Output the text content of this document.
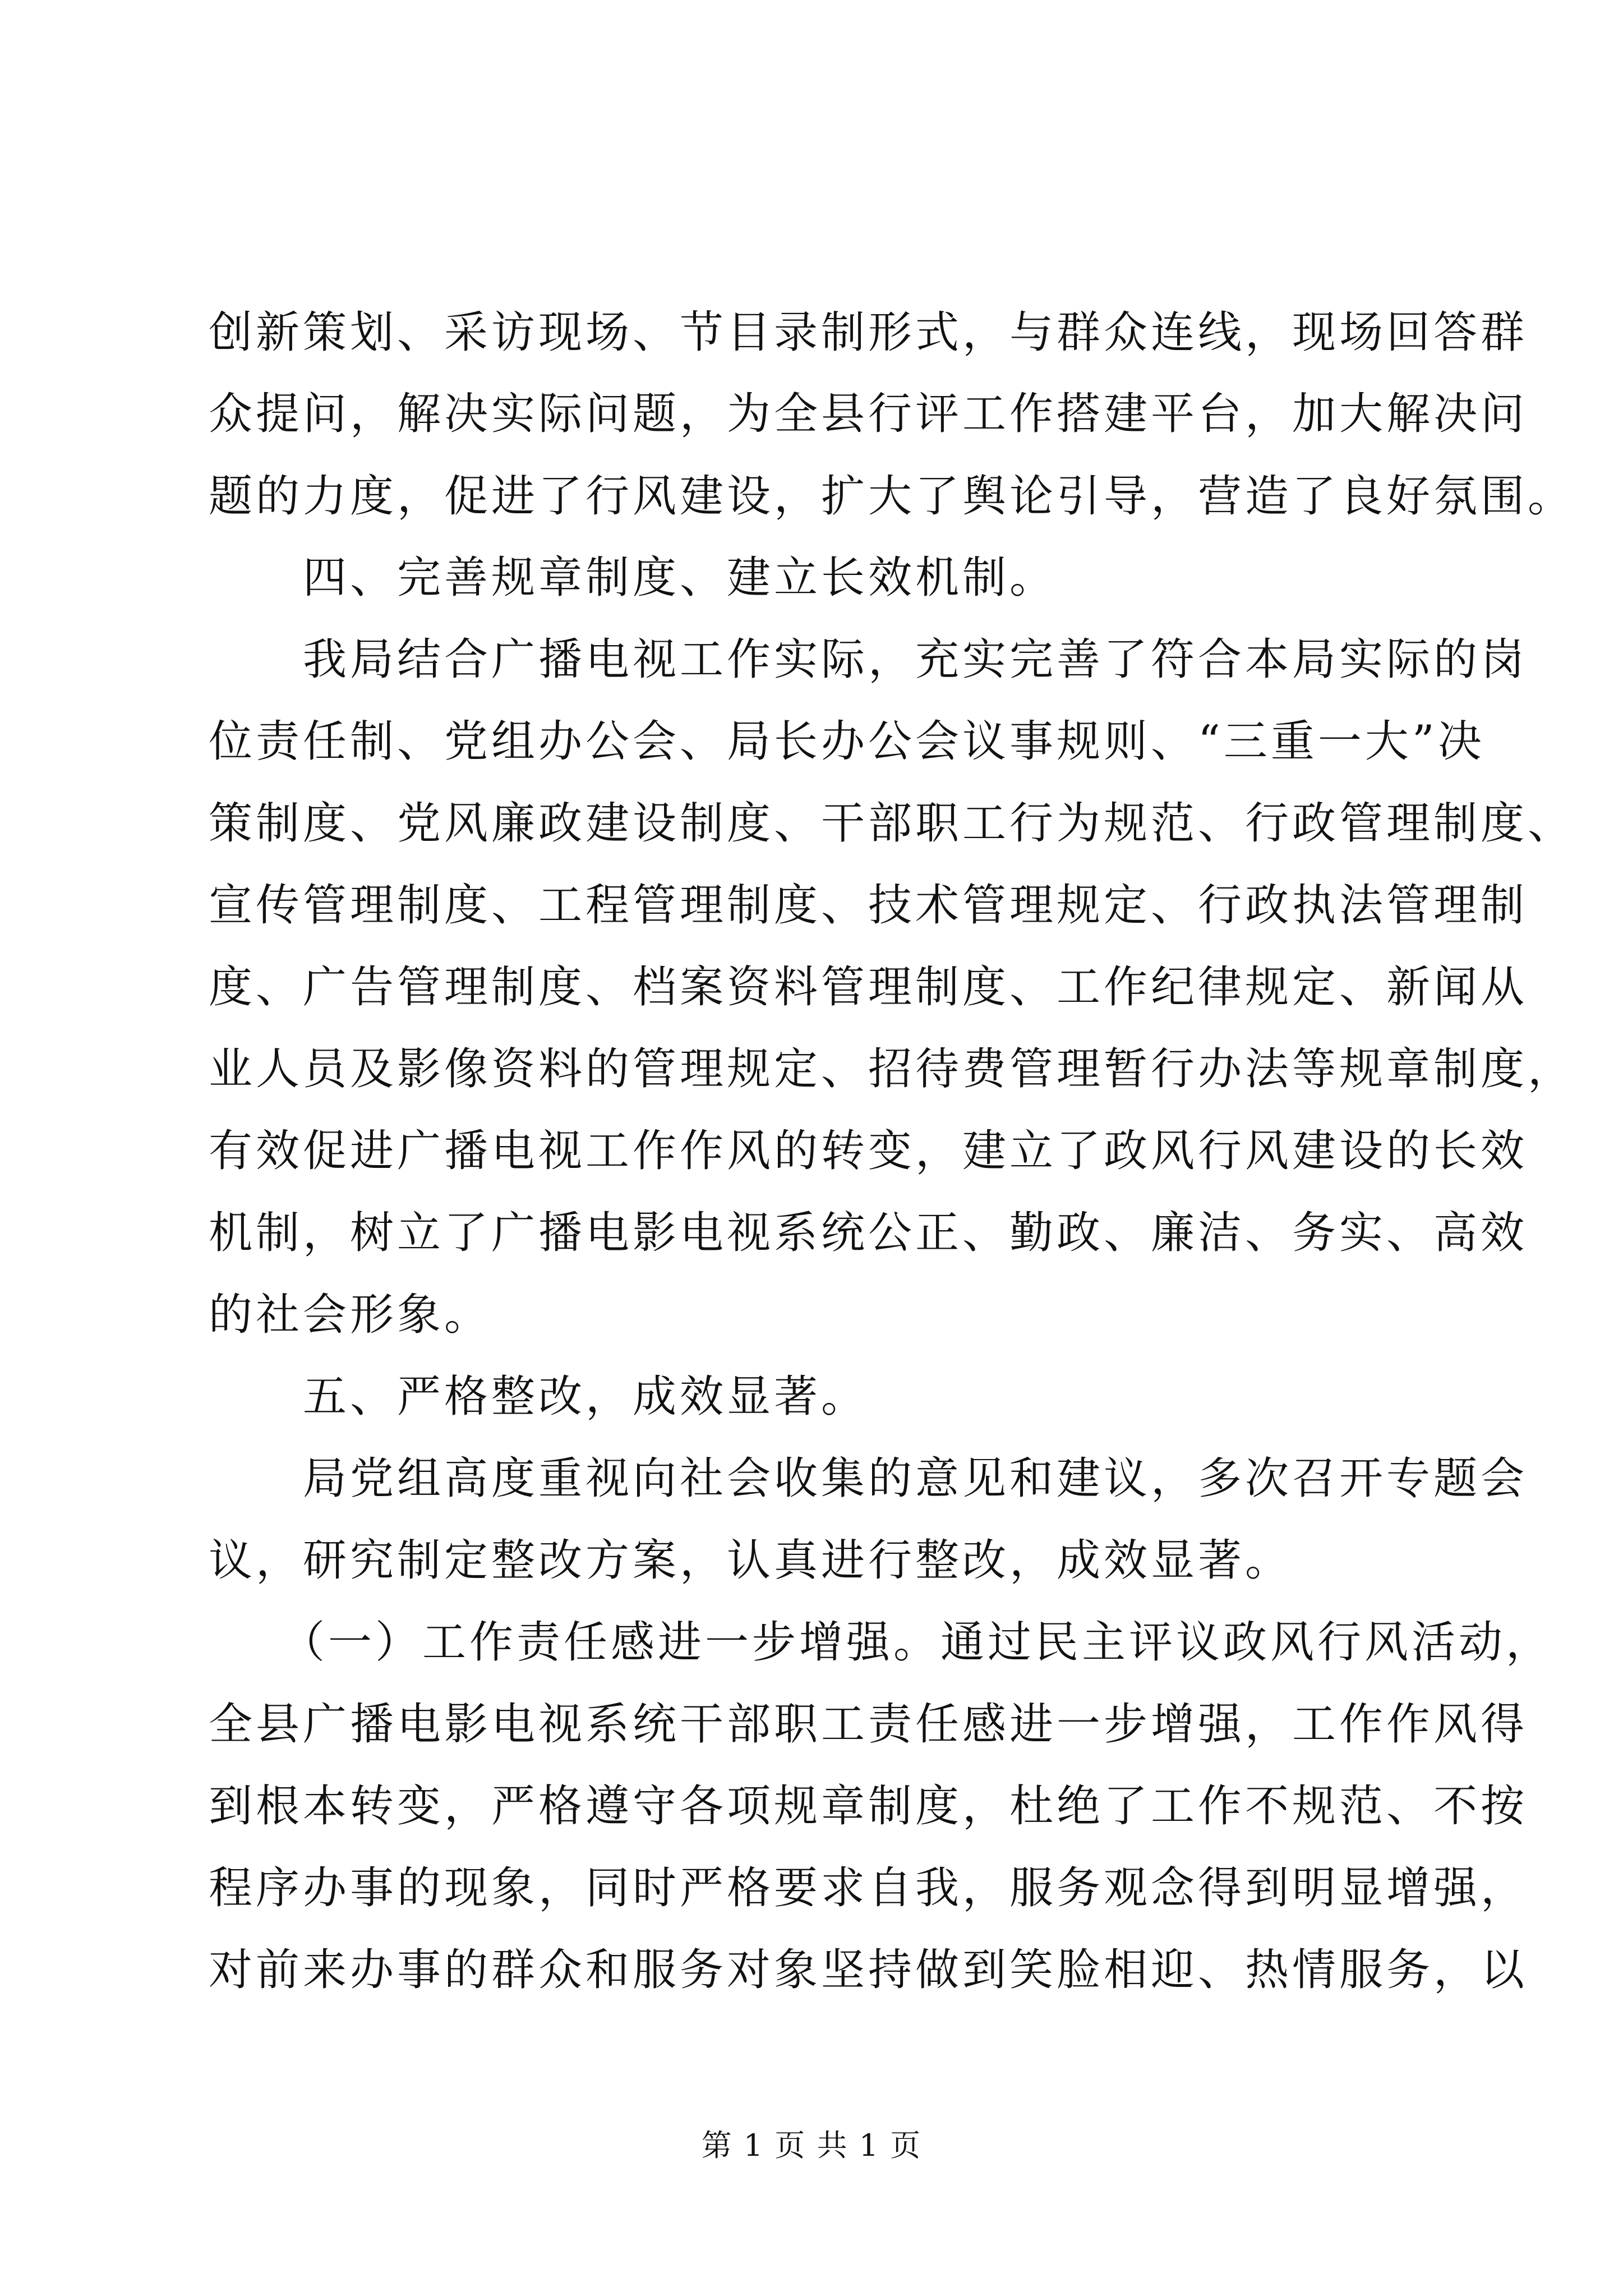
创新策划、采访现场、节目录制形式，与群众连线，现场回答群
众提问，解决实际问题，为全县行评工作搭建平台，加大解决问
题的力度，促进了行风建设，扩大了舆论引导，营造了良好氛围。
　　四、完善规章制度、建立长效机制。
　　我局结合广播电视工作实际，充实完善了符合本局实际的岗
位责任制、党组办公会、局长办公会议事规则、“三重一大”决
策制度、党风廉政建设制度、干部职工行为规范、行政管理制度、
宣传管理制度、工程管理制度、技术管理规定、行政执法管理制
度、广告管理制度、档案资料管理制度、工作纪律规定、新闻从
业人员及影像资料的管理规定、招待费管理暂行办法等规章制度，
有效促进广播电视工作作风的转变，建立了政风行风建设的长效
机制，树立了广播电影电视系统公正、勤政、廉洁、务实、高效
的社会形象。
　　五、严格整改，成效显著。
　　局党组高度重视向社会收集的意见和建议，多次召开专题会
议，研究制定整改方案，认真进行整改，成效显著。
　　（一）工作责任感进一步增强。通过民主评议政风行风活动，
全县广播电影电视系统干部职工责任感进一步增强，工作作风得
到根本转变，严格遵守各项规章制度，杜绝了工作不规范、不按
程序办事的现象，同时严格要求自我，服务观念得到明显增强，
对前来办事的群众和服务对象坚持做到笑脸相迎、热情服务，以
第 1 页 共 1 页
